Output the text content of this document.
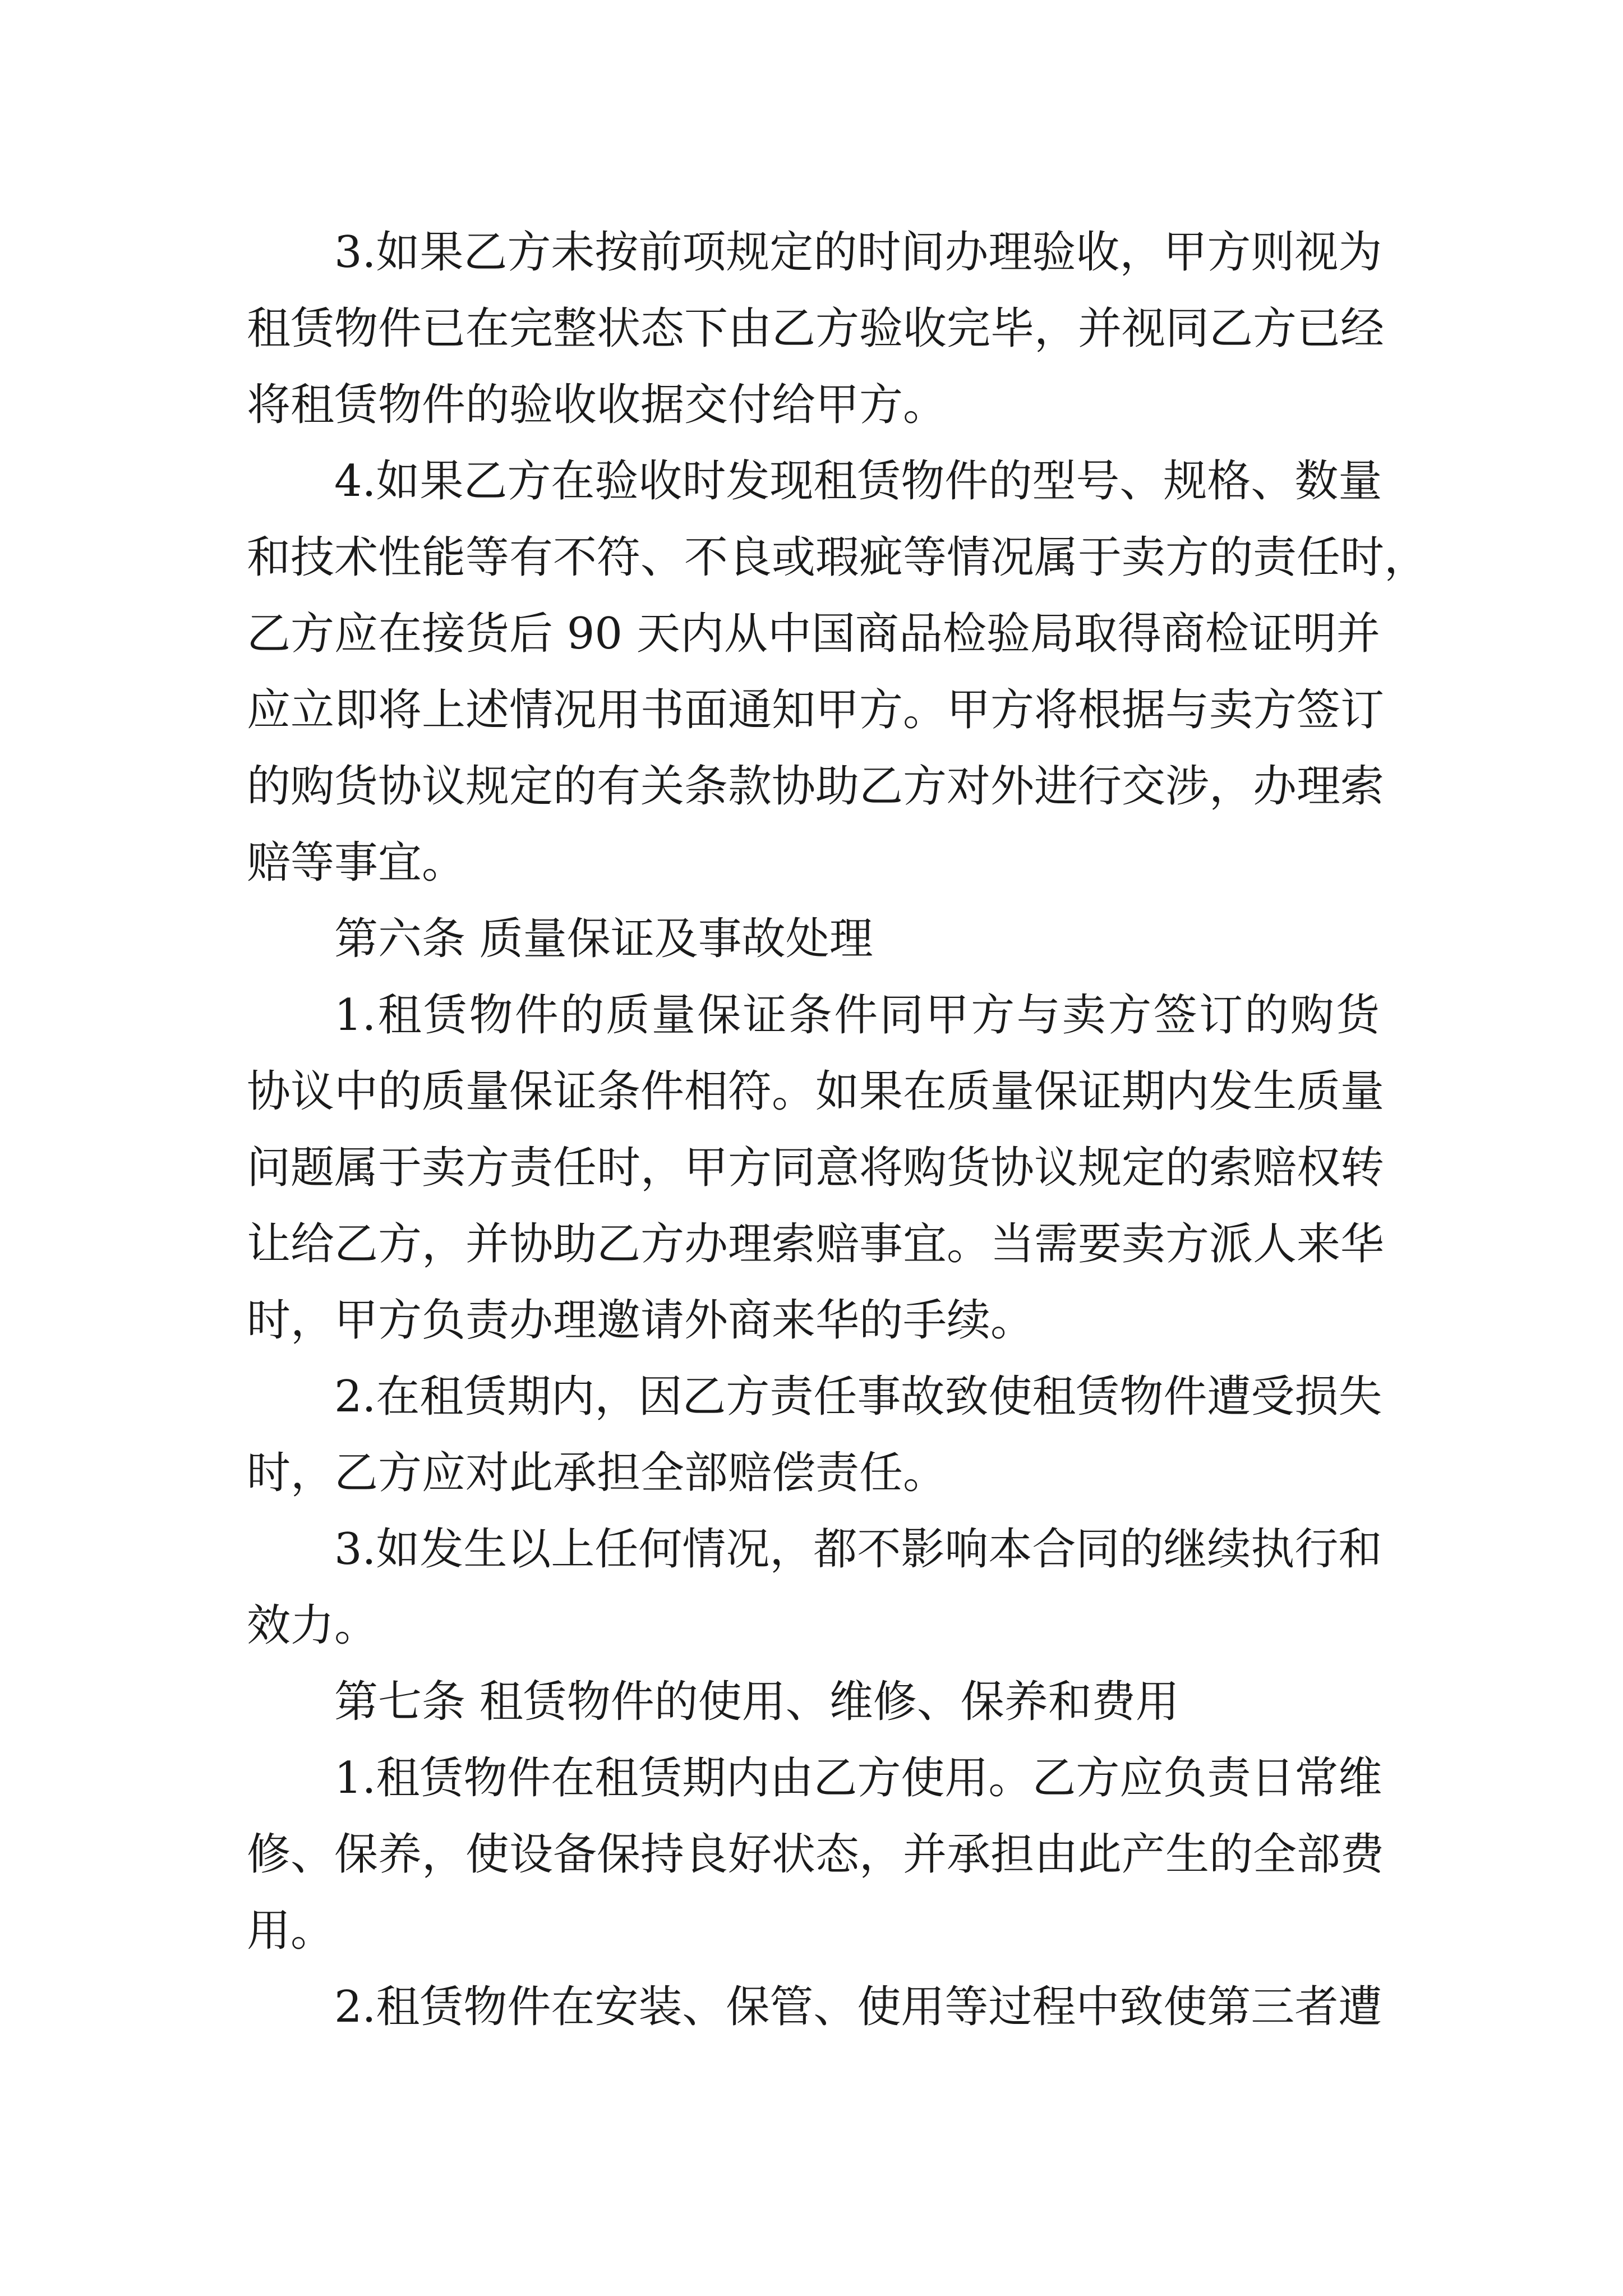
3.如果乙方未按前项规定的时间办理验收，甲方则视为
租赁物件已在完整状态下由乙方验收完毕，并视同乙方已经
将租赁物件的验收收据交付给甲方。
4.如果乙方在验收时发现租赁物件的型号、规格、数量
和技术性能等有不符、不良或瑕疵等情况属于卖方的责任时，
乙方应在接货后 90 天内从中国商品检验局取得商检证明并
应立即将上述情况用书面通知甲方。甲方将根据与卖方签订
的购货协议规定的有关条款协助乙方对外进行交涉，办理索
赔等事宜。
第六条 质量保证及事故处理
1.租赁物件的质量保证条件同甲方与卖方签订的购货
协议中的质量保证条件相符。如果在质量保证期内发生质量
问题属于卖方责任时，甲方同意将购货协议规定的索赔权转
让给乙方，并协助乙方办理索赔事宜。当需要卖方派人来华
时，甲方负责办理邀请外商来华的手续。
2.在租赁期内，因乙方责任事故致使租赁物件遭受损失
时，乙方应对此承担全部赔偿责任。
3.如发生以上任何情况，都不影响本合同的继续执行和
效力。
第七条 租赁物件的使用、维修、保养和费用
1.租赁物件在租赁期内由乙方使用。乙方应负责日常维
修、保养，使设备保持良好状态，并承担由此产生的全部费
用。
2.租赁物件在安装、保管、使用等过程中致使第三者遭
